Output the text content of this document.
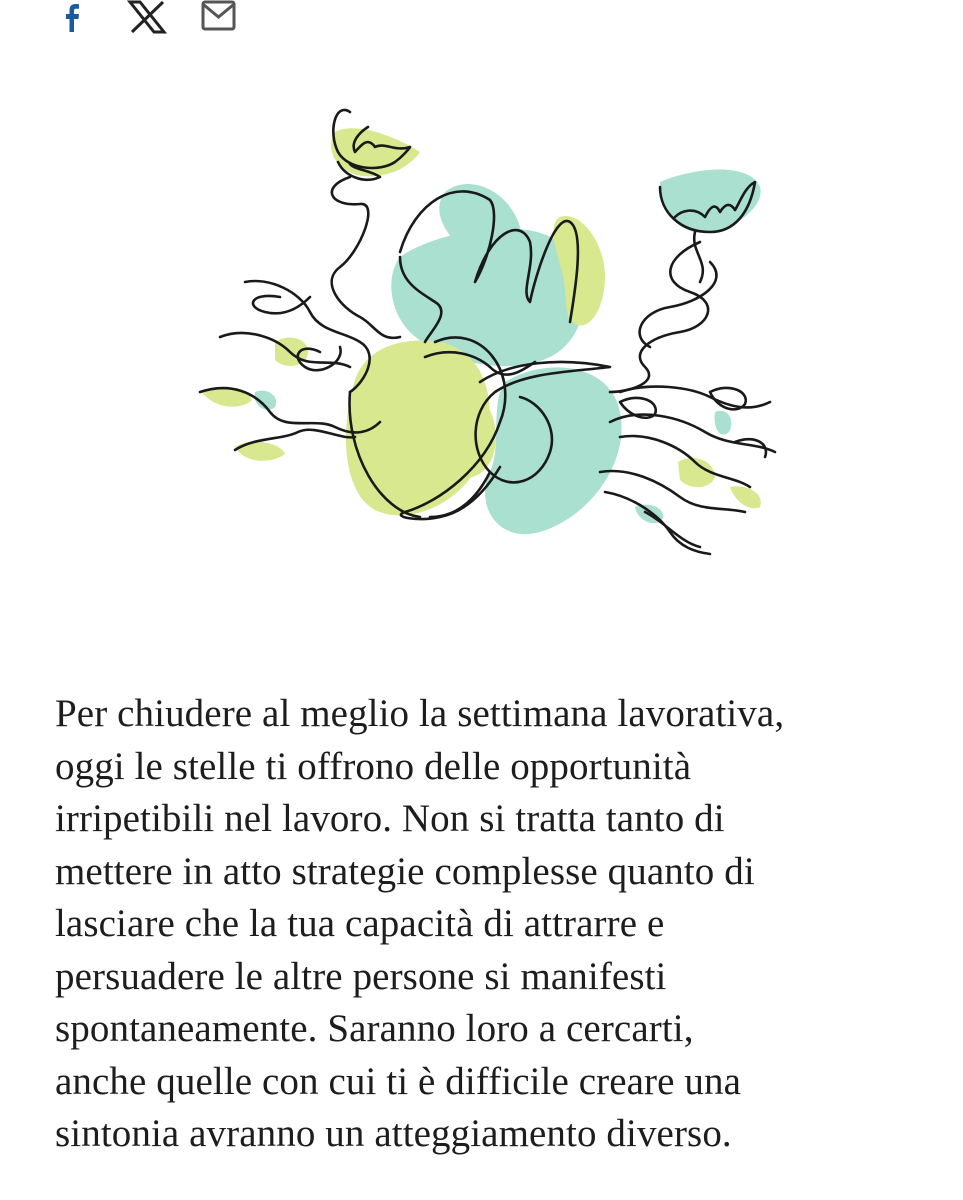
Per chiudere al meglio la settimana lavorativa,
oggi le stelle ti offrono delle opportunità
irripetibili nel lavoro. Non si tratta tanto di
mettere in atto strategie complesse quanto di
lasciare che la tua capacità di attrarre e
persuadere le altre persone si manifesti
spontaneamente. Saranno loro a cercarti,
anche quelle con cui ti è difficile creare una
sintonia avranno un atteggiamento diverso.
